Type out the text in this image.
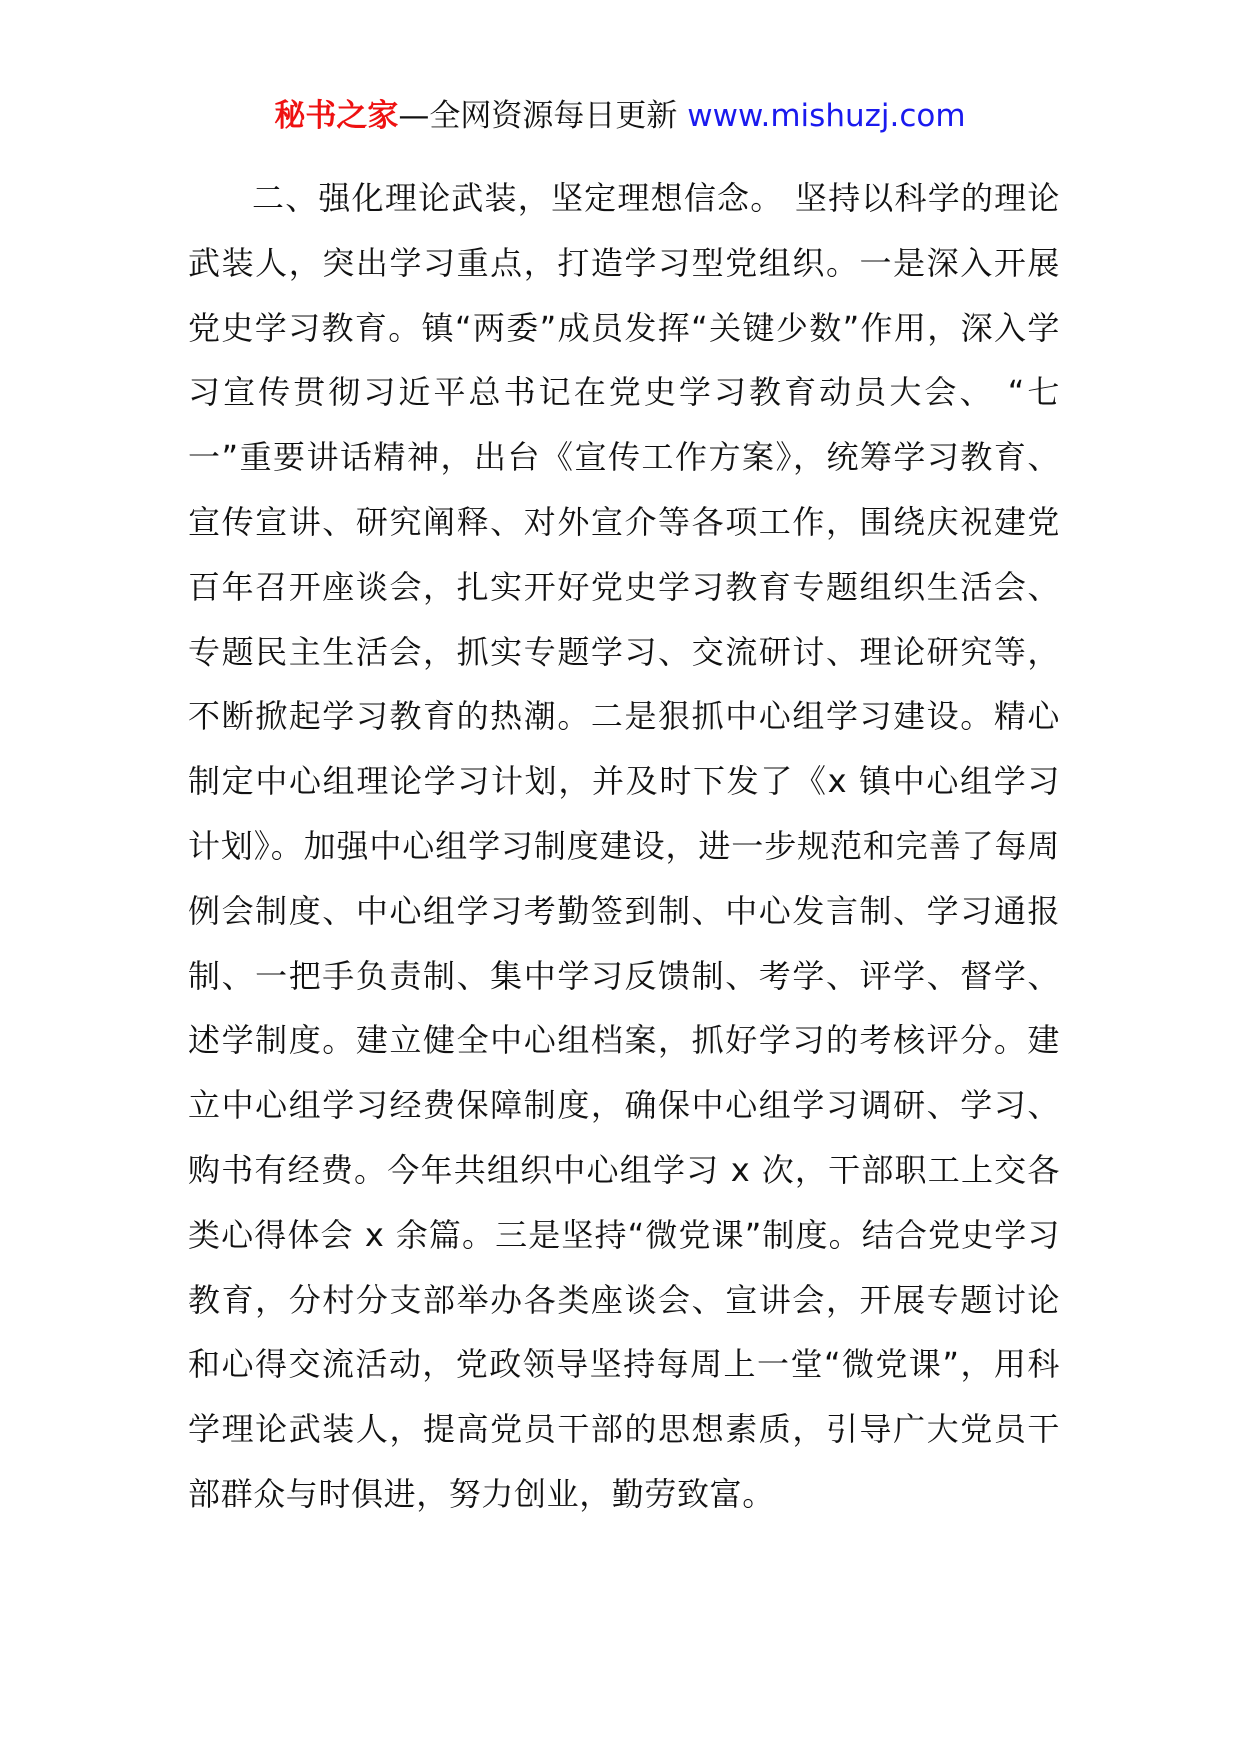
秘书之家—全网资源每日更新 www.mishuzj.com

二、强化理论武装，坚定理想信念。 坚持以科学的理论武装人，突出学习重点，打造学习型党组织。一是深入开展党史学习教育。镇“两委”成员发挥“关键少数”作用，深入学习宣传贯彻习近平总书记在党史学习教育动员大会、 “七一”重要讲话精神，出台《宣传工作方案》，统筹学习教育、宣传宣讲、研究阐释、对外宣介等各项工作，围绕庆祝建党百年召开座谈会，扎实开好党史学习教育专题组织生活会、专题民主生活会，抓实专题学习、交流研讨、理论研究等，不断掀起学习教育的热潮。二是狠抓中心组学习建设。精心制定中心组理论学习计划，并及时下发了《x 镇中心组学习计划》。加强中心组学习制度建设，进一步规范和完善了每周例会制度、中心组学习考勤签到制、中心发言制、学习通报制、一把手负责制、集中学习反馈制、考学、评学、督学、述学制度。建立健全中心组档案，抓好学习的考核评分。建立中心组学习经费保障制度，确保中心组学习调研、学习、购书有经费。今年共组织中心组学习 x 次，干部职工上交各类心得体会 x 余篇。三是坚持“微党课”制度。结合党史学习教育，分村分支部举办各类座谈会、宣讲会，开展专题讨论和心得交流活动，党政领导坚持每周上一堂“微党课”，用科学理论武装人，提高党员干部的思想素质，引导广大党员干部群众与时俱进，努力创业，勤劳致富。
